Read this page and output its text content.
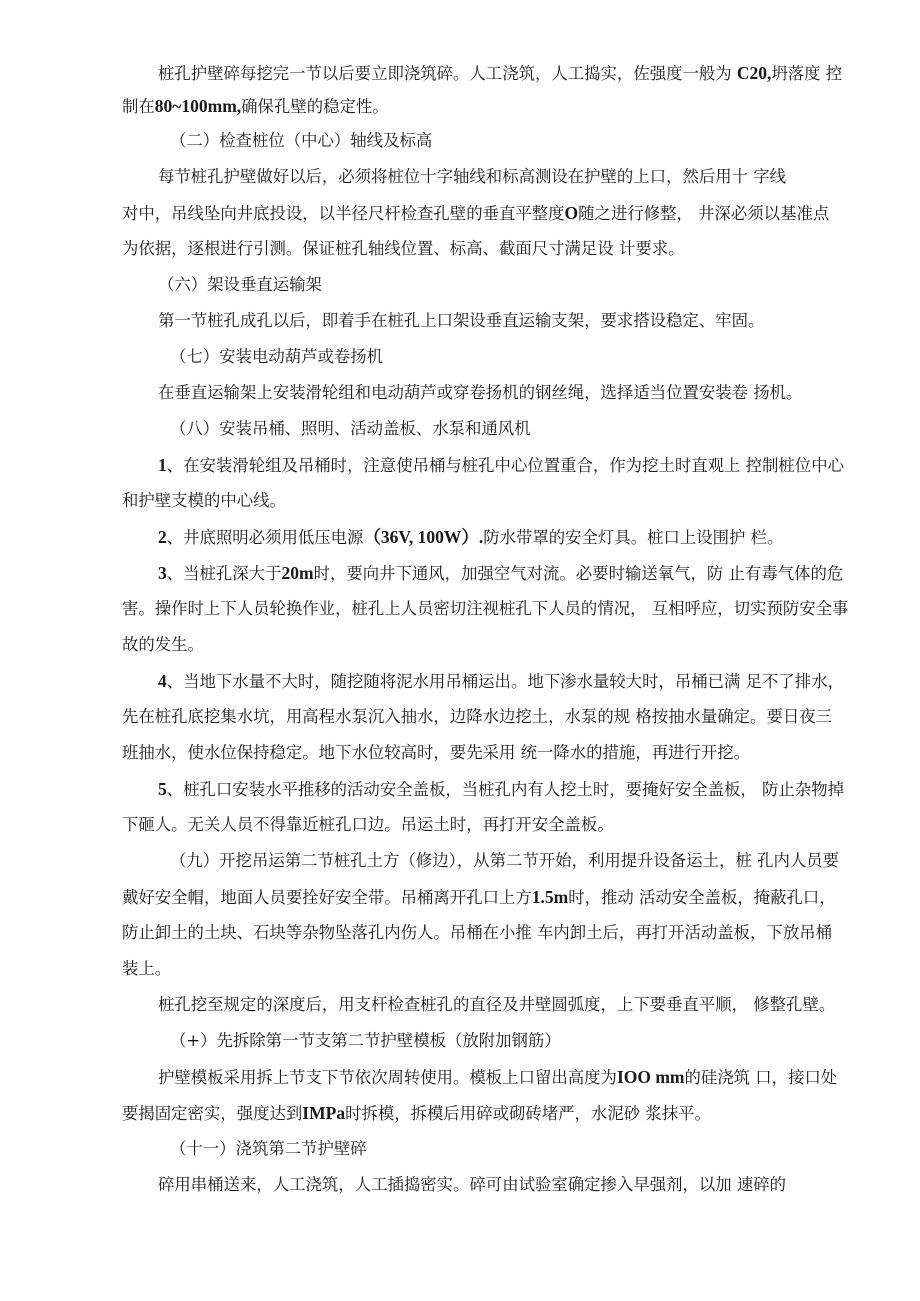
桩孔护壁碎每挖完一节以后要立即浇筑碎。人工浇筑，人工捣实，佐强度一般为 C20,坍落度 控
制在80~100mm,确保孔壁的稳定性。
（二）检查桩位（中心）轴线及标高
每节桩孔护壁做好以后，必须将桩位十字轴线和标高测设在护壁的上口，然后用十 字线
对中，吊线坠向井底投设，以半径尺杆检查孔壁的垂直平整度O随之进行修整， 井深必须以基准点
为依据，逐根进行引测。保证桩孔轴线位置、标高、截面尺寸满足设 计要求。
（六）架设垂直运输架
第一节桩孔成孔以后，即着手在桩孔上口架设垂直运输支架，要求搭设稳定、牢固。
（七）安装电动葫芦或卷扬机
在垂直运输架上安装滑轮组和电动葫芦或穿卷扬机的钢丝绳，选择适当位置安装卷 扬机。
（八）安装吊桶、照明、活动盖板、水泵和通风机
1、在安装滑轮组及吊桶时，注意使吊桶与桩孔中心位置重合，作为挖土时直观上 控制桩位中心
和护壁支模的中心线。
2、井底照明必须用低压电源（36V, 100W）.防水带罩的安全灯具。桩口上设围护 栏。
3、当桩孔深大于20m时，要向井下通风，加强空气对流。必要时输送氧气，防 止有毒气体的危
害。操作时上下人员轮换作业，桩孔上人员密切注视桩孔下人员的情况， 互相呼应，切实预防安全事
故的发生。
4、当地下水量不大时，随挖随将泥水用吊桶运出。地下渗水量较大时，吊桶已满 足不了排水，
先在桩孔底挖集水坑，用高程水泵沉入抽水，边降水边挖土，水泵的规 格按抽水量确定。要日夜三
班抽水，使水位保持稳定。地下水位较高时，要先采用 统一降水的措施，再进行开挖。
5、桩孔口安装水平推移的活动安全盖板，当桩孔内有人挖土时，要掩好安全盖板， 防止杂物掉
下砸人。无关人员不得靠近桩孔口边。吊运土时，再打开安全盖板。
（九）开挖吊运第二节桩孔土方（修边），从第二节开始，利用提升设备运土，桩 孔内人员要
戴好安全帽，地面人员要拴好安全带。吊桶离开孔口上方1.5m时，推动 活动安全盖板，掩蔽孔口，
防止卸土的土块、石块等杂物坠落孔内伤人。吊桶在小推 车内卸土后，再打开活动盖板，下放吊桶
装上。
桩孔挖至规定的深度后，用支杆检查桩孔的直径及井壁圆弧度，上下要垂直平顺， 修整孔壁。
（+）先拆除第一节支第二节护壁模板（放附加钢筋）
护壁模板采用拆上节支下节依次周转使用。模板上口留出高度为IOO mm的硅浇筑 口，接口处
要揭固定密实，强度达到IMPa时拆模，拆模后用碎或砌砖堵严，水泥砂 浆抹平。
（十一）浇筑第二节护壁碎
碎用串桶送来，人工浇筑，人工插捣密实。碎可由试验室确定掺入早强剂，以加 速碎的
